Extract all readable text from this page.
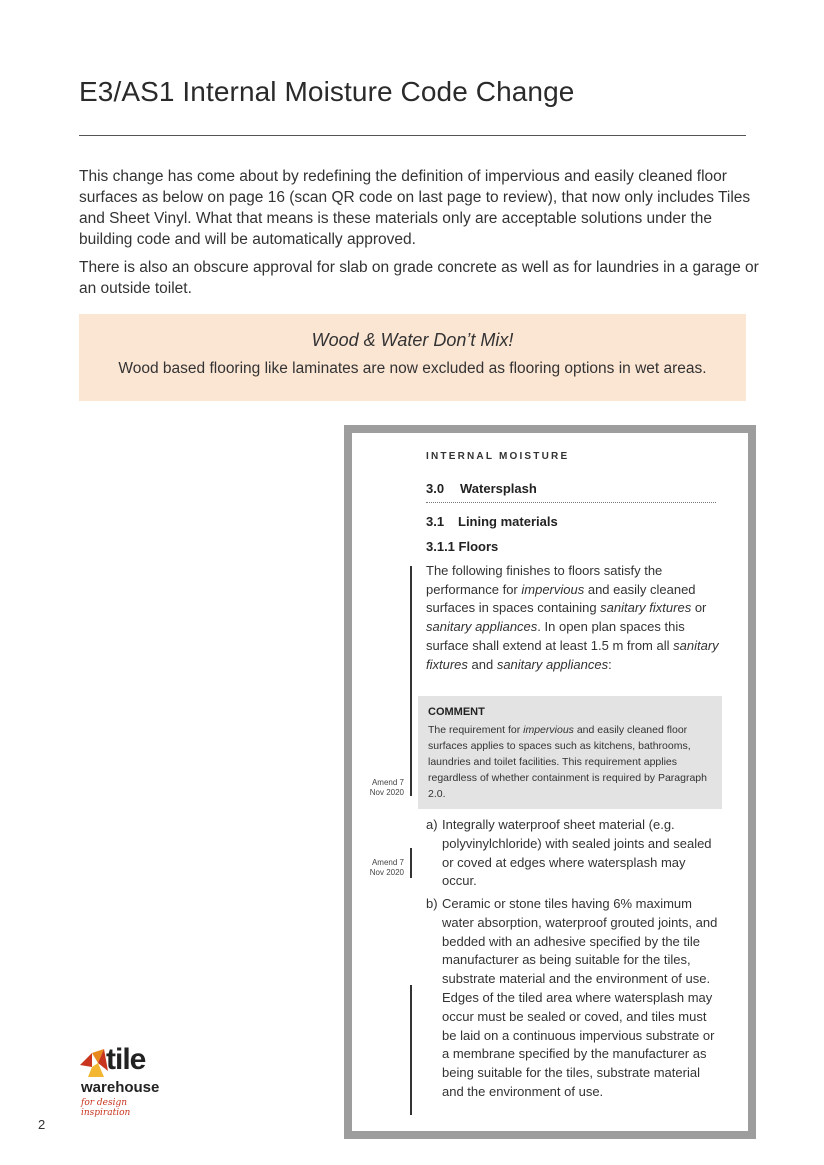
E3/AS1 Internal Moisture Code Change

This change has come about by redefining the definition of impervious and easily cleaned floor surfaces as below on page 16 (scan QR code on last page to review), that now only includes Tiles and Sheet Vinyl. What that means is these materials only are acceptable solutions under the building code and will be automatically approved.

There is also an obscure approval for slab on grade concrete as well as for laundries in a garage or an outside toilet.

Wood & Water Don’t Mix!
Wood based flooring like laminates are now excluded as flooring options in wet areas.
INTERNAL MOISTURE
3.0 Watersplash
3.1 Lining materials
3.1.1 Floors
The following finishes to floors satisfy the performance for impervious and easily cleaned surfaces in spaces containing sanitary fixtures or sanitary appliances. In open plan spaces this surface shall extend at least 1.5 m from all sanitary fixtures and sanitary appliances:
COMMENT
The requirement for impervious and easily cleaned floor surfaces applies to spaces such as kitchens, bathrooms, laundries and toilet facilities. This requirement applies regardless of whether containment is required by Paragraph 2.0.
a) Integrally waterproof sheet material (e.g. polyvinylchloride) with sealed joints and sealed or coved at edges where watersplash may occur.
b) Ceramic or stone tiles having 6% maximum water absorption, waterproof grouted joints, and bedded with an adhesive specified by the tile manufacturer as being suitable for the tiles, substrate material and the environment of use. Edges of the tiled area where watersplash may occur must be sealed or coved, and tiles must be laid on a continuous impervious substrate or a membrane specified by the manufacturer as being suitable for the tiles, substrate material and the environment of use.
Amend 7
Nov 2020
Amend 7
Nov 2020
tile
warehouse
for design inspiration
2
